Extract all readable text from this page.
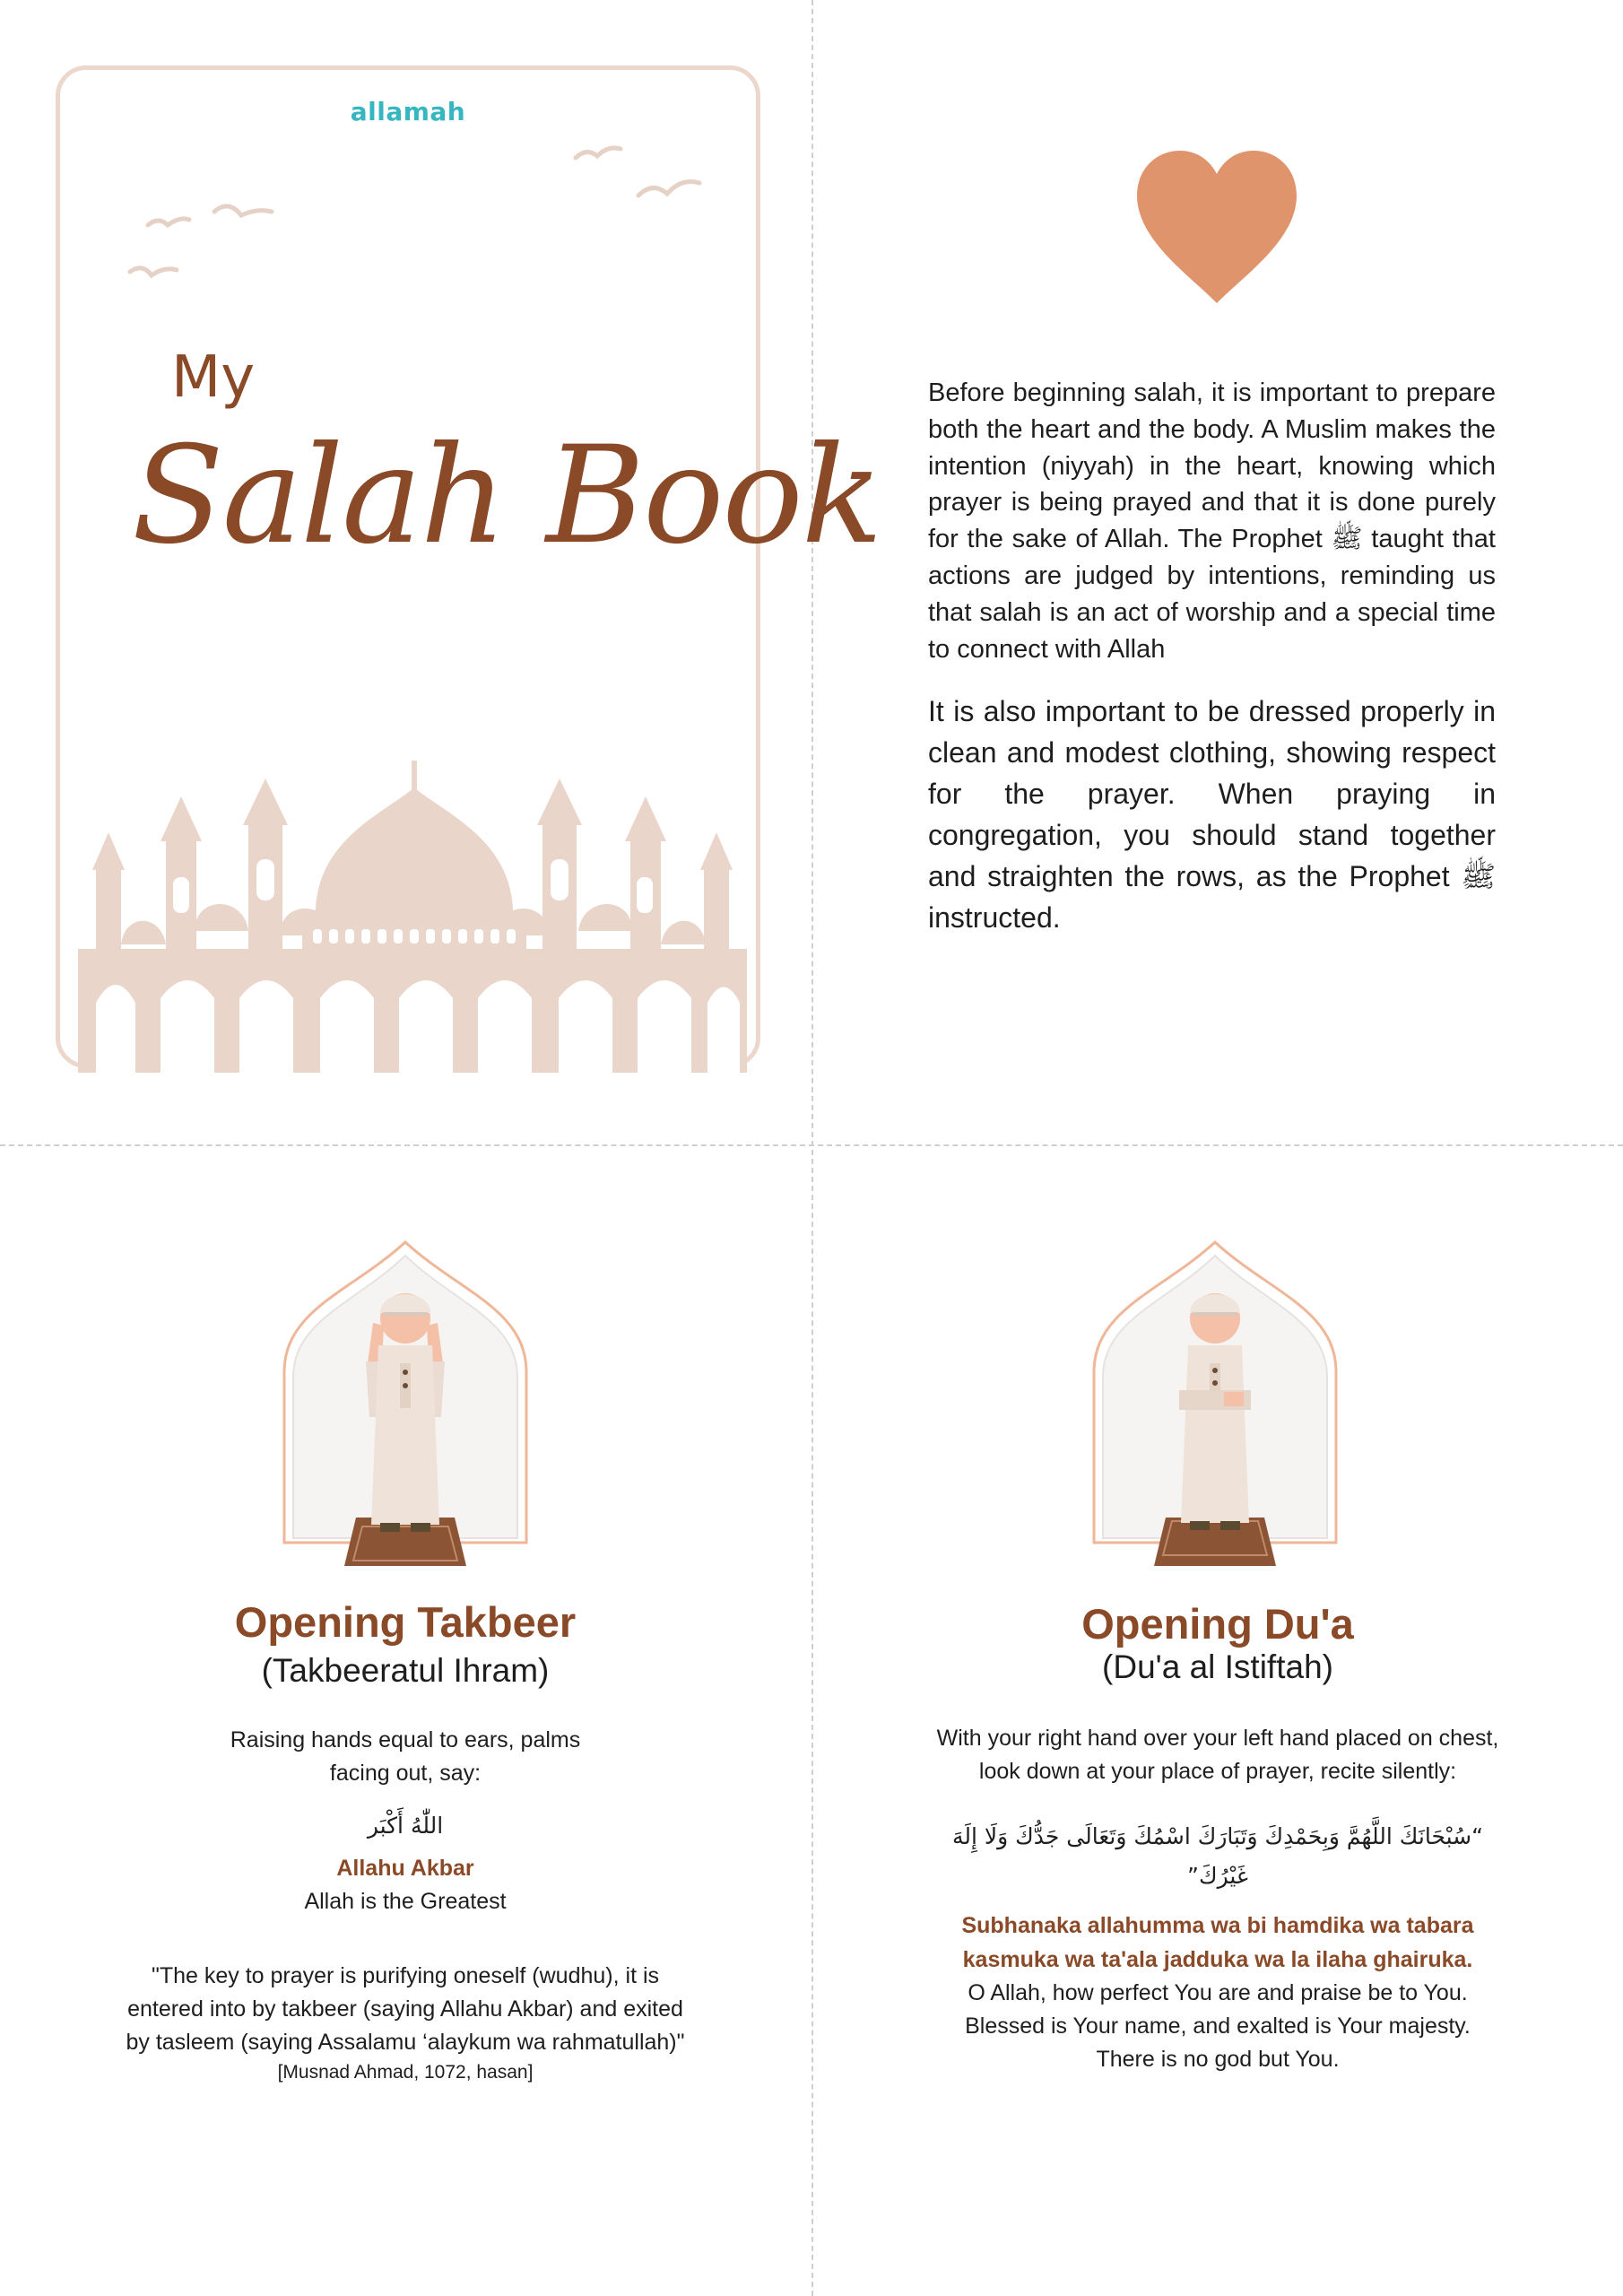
allamah
My
Salah Book

Before beginning salah, it is important to prepare both the heart and the body. A Muslim makes the intention (niyyah) in the heart, knowing which prayer is being prayed and that it is done purely for the sake of Allah. The Prophet ﷺ taught that actions are judged by intentions, reminding us that salah is an act of worship and a special time to connect with Allah

It is also important to be dressed properly in clean and modest clothing, showing respect for the prayer. When praying in congregation, you should stand together and straighten the rows, as the Prophet ﷺ instructed.

Opening Takbeer
(Takbeeratul Ihram)

Raising hands equal to ears, palms facing out, say:

اللّٰهُ أَكْبَر

Allahu Akbar

Allah is the Greatest

"The key to prayer is purifying oneself (wudhu), it is entered into by takbeer (saying Allahu Akbar) and exited by tasleem (saying Assalamu ‘alaykum wa rahmatullah)"

[Musnad Ahmad, 1072, hasan]

Opening Du'a
(Du'a al Istiftah)

With your right hand over your left hand placed on chest, look down at your place of prayer, recite silently:

“سُبْحَانَكَ اللَّهُمَّ وَبِحَمْدِكَ وَتَبَارَكَ اسْمُكَ وَتَعَالَى جَدُّكَ وَلَا إِلَهَ غَيْرُكَ”

Subhanaka allahumma wa bi hamdika wa tabara kasmuka wa ta'ala jadduka wa la ilaha ghairuka.

O Allah, how perfect You are and praise be to You. Blessed is Your name, and exalted is Your majesty. There is no god but You.
